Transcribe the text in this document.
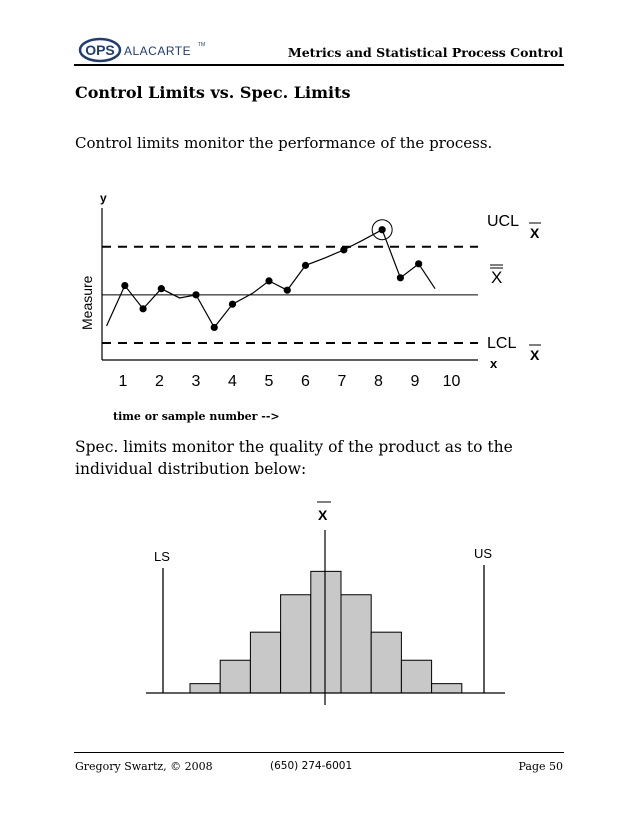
OPS ALACARTE TM	Metrics and Statistical Process Control
Control Limits vs. Spec. Limits
Control limits monitor the performance of the process.
y
x
Measure
UCL
X
X
LCL
X
1 2 3 4 5 6 7 8 9 10
time or sample number -->
Spec. limits monitor the quality of the product as to the individual distribution below:
X
LS	US
Gregory Swartz, © 2008	(650) 274-6001	Page 50
